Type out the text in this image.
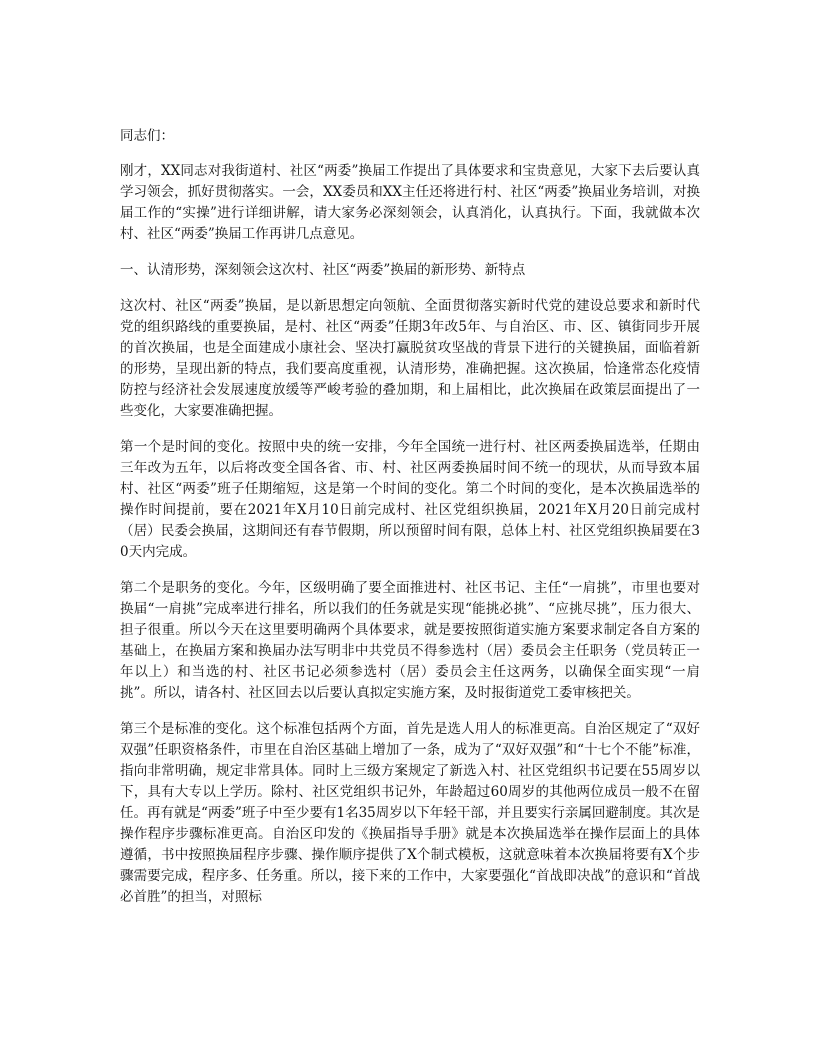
同志们：

刚才，XX同志对我街道村、社区“两委”换届工作提出了具体要求和宝贵意见，大家下去后要认真学习领会，抓好贯彻落实。一会，XX委员和XX主任还将进行村、社区“两委”换届业务培训，对换届工作的“实操”进行详细讲解，请大家务必深刻领会，认真消化，认真执行。下面，我就做本次村、社区“两委”换届工作再讲几点意见。

一、认清形势，深刻领会这次村、社区“两委”换届的新形势、新特点

这次村、社区“两委”换届，是以新思想定向领航、全面贯彻落实新时代党的建设总要求和新时代党的组织路线的重要换届，是村、社区“两委”任期3年改5年、与自治区、市、区、镇街同步开展的首次换届，也是全面建成小康社会、坚决打赢脱贫攻坚战的背景下进行的关键换届，面临着新的形势，呈现出新的特点，我们要高度重视，认清形势，准确把握。这次换届，恰逢常态化疫情防控与经济社会发展速度放缓等严峻考验的叠加期，和上届相比，此次换届在政策层面提出了一些变化，大家要准确把握。

第一个是时间的变化。按照中央的统一安排，今年全国统一进行村、社区两委换届选举，任期由三年改为五年，以后将改变全国各省、市、村、社区两委换届时间不统一的现状，从而导致本届村、社区“两委”班子任期缩短，这是第一个时间的变化。第二个时间的变化，是本次换届选举的操作时间提前，要在2021年X月10日前完成村、社区党组织换届，2021年X月20日前完成村（居）民委会换届，这期间还有春节假期，所以预留时间有限，总体上村、社区党组织换届要在30天内完成。

第二个是职务的变化。今年，区级明确了要全面推进村、社区书记、主任“一肩挑”，市里也要对换届“一肩挑”完成率进行排名，所以我们的任务就是实现“能挑必挑”、“应挑尽挑”，压力很大、担子很重。所以今天在这里要明确两个具体要求，就是要按照街道实施方案要求制定各自方案的基础上，在换届方案和换届办法写明非中共党员不得参选村（居）委员会主任职务（党员转正一年以上）和当选的村、社区书记必须参选村（居）委员会主任这两务，以确保全面实现“一肩挑”。所以，请各村、社区回去以后要认真拟定实施方案，及时报街道党工委审核把关。

第三个是标准的变化。这个标准包括两个方面，首先是选人用人的标准更高。自治区规定了“双好双强”任职资格条件，市里在自治区基础上增加了一条，成为了“双好双强”和“十七个不能”标准，指向非常明确，规定非常具体。同时上三级方案规定了新选入村、社区党组织书记要在55周岁以下，具有大专以上学历。除村、社区党组织书记外，年龄超过60周岁的其他两位成员一般不在留任。再有就是“两委”班子中至少要有1名35周岁以下年轻干部，并且要实行亲属回避制度。其次是操作程序步骤标准更高。自治区印发的《换届指导手册》就是本次换届选举在操作层面上的具体遵循，书中按照换届程序步骤、操作顺序提供了X个制式模板，这就意味着本次换届将要有X个步骤需要完成，程序多、任务重。所以，接下来的工作中，大家要强化“首战即决战”的意识和“首战必首胜”的担当，对照标
